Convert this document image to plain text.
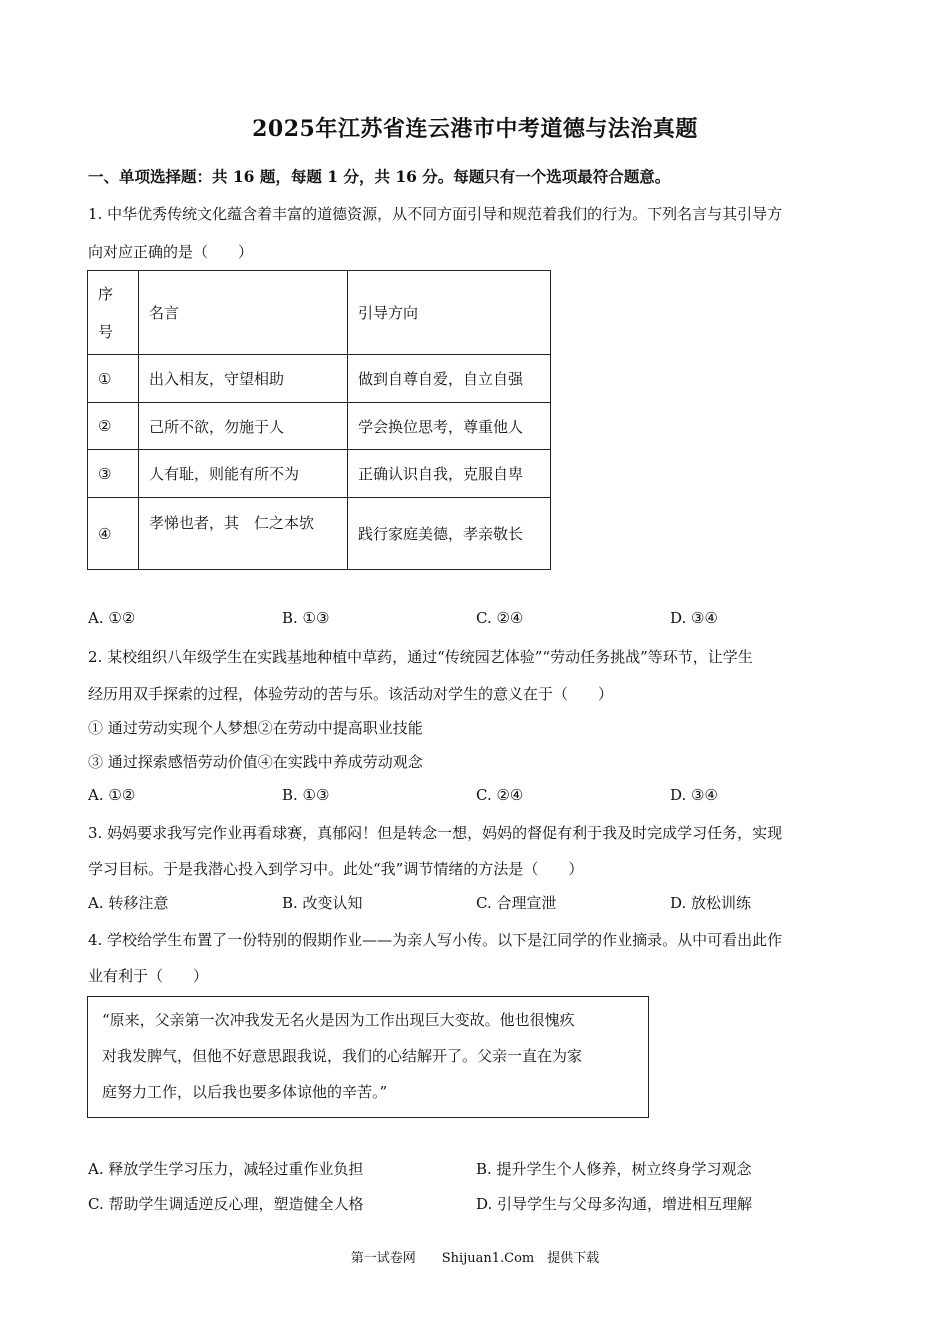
2025年江苏省连云港市中考道德与法治真题
一、单项选择题：共 16 题，每题 1 分，共 16 分。每题只有一个选项最符合题意。
1. 中华优秀传统文化蕴含着丰富的道德资源，从不同方面引导和规范着我们的行为。下列名言与其引导方
向对应正确的是（　　）
序
号	名言	引导方向
①	出入相友，守望相助	做到自尊自爱，自立自强
②	己所不欲，勿施于人	学会换位思考，尊重他人
③	人有耻，则能有所不为	正确认识自我，克服自卑
④	孝悌也者，其　仁之本欤	践行家庭美德，孝亲敬长
A. ①②	B. ①③	C. ②④	D. ③④
2. 某校组织八年级学生在实践基地种植中草药，通过“传统园艺体验”“劳动任务挑战”等环节，让学生
经历用双手探索的过程，体验劳动的苦与乐。该活动对学生的意义在于（　　）
① 通过劳动实现个人梦想②在劳动中提高职业技能
③ 通过探索感悟劳动价值④在实践中养成劳动观念
A. ①②	B. ①③	C. ②④	D. ③④
3. 妈妈要求我写完作业再看球赛，真郁闷！但是转念一想，妈妈的督促有利于我及时完成学习任务，实现
学习目标。于是我潜心投入到学习中。此处“我”调节情绪的方法是（　　）
A. 转移注意	B. 改变认知	C. 合理宣泄	D. 放松训练
4. 学校给学生布置了一份特别的假期作业——为亲人写小传。以下是江同学的作业摘录。从中可看出此作
业有利于（　　）
“原来，父亲第一次冲我发无名火是因为工作出现巨大变故。他也很愧疚
对我发脾气，但他不好意思跟我说，我们的心结解开了。父亲一直在为家
庭努力工作，以后我也要多体谅他的辛苦。”
A. 释放学生学习压力，减轻过重作业负担	B. 提升学生个人修养，树立终身学习观念
C. 帮助学生调适逆反心理，塑造健全人格	D. 引导学生与父母多沟通，增进相互理解
第一试卷网　　Shijuan1.Com　提供下载
